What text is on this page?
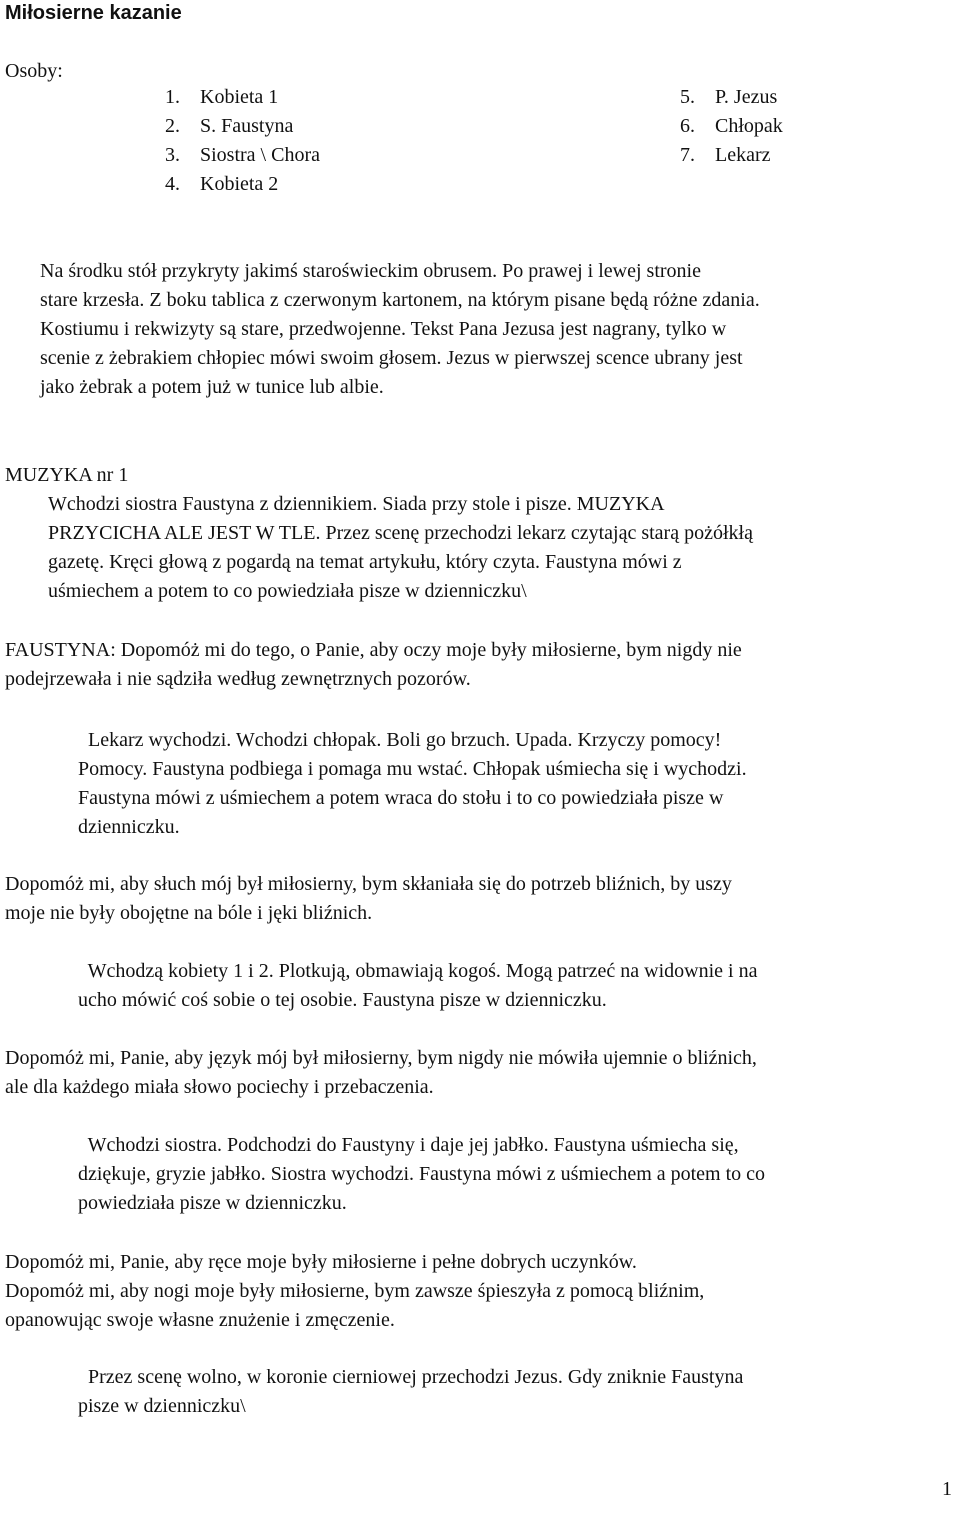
Miłosierne kazanie
Osoby:
1. Kobieta 1
2. S. Faustyna
3. Siostra \ Chora
4. Kobieta 2
5. P. Jezus
6. Chłopak
7. Lekarz
Na środku stół przykryty jakimś staroświeckim obrusem. Po prawej i lewej stronie
stare krzesła. Z boku tablica z czerwonym kartonem, na którym pisane będą różne zdania.
Kostiumu i rekwizyty są stare, przedwojenne. Tekst Pana Jezusa jest nagrany, tylko w
scenie z żebrakiem chłopiec mówi swoim głosem. Jezus w pierwszej scence ubrany jest
jako żebrak a potem już w tunice lub albie.
MUZYKA nr 1
Wchodzi siostra Faustyna z dziennikiem. Siada przy stole i pisze. MUZYKA
PRZYCICHA ALE JEST W TLE. Przez scenę przechodzi lekarz czytając starą pożółkłą
gazetę. Kręci głową z pogardą na temat artykułu, który czyta. Faustyna mówi z
uśmiechem a potem to co powiedziała pisze w dzienniczku\
FAUSTYNA: Dopomóż mi do tego, o Panie, aby oczy moje były miłosierne, bym nigdy nie
podejrzewała i nie sądziła według zewnętrznych pozorów.
Lekarz wychodzi. Wchodzi chłopak. Boli go brzuch. Upada. Krzyczy pomocy!
Pomocy. Faustyna podbiega i pomaga mu wstać. Chłopak uśmiecha się i wychodzi.
Faustyna mówi z uśmiechem a potem wraca do stołu i to co powiedziała pisze w
dzienniczku.
Dopomóż mi, aby słuch mój był miłosierny, bym skłaniała się do potrzeb bliźnich, by uszy
moje nie były obojętne na bóle i jęki bliźnich.
Wchodzą kobiety 1 i 2. Plotkują, obmawiają kogoś. Mogą patrzeć na widownie i na
ucho mówić coś sobie o tej osobie. Faustyna pisze w dzienniczku.
Dopomóż mi, Panie, aby język mój był miłosierny, bym nigdy nie mówiła ujemnie o bliźnich,
ale dla każdego miała słowo pociechy i przebaczenia.
Wchodzi siostra. Podchodzi do Faustyny i daje jej jabłko. Faustyna uśmiecha się,
dziękuje, gryzie jabłko. Siostra wychodzi. Faustyna mówi z uśmiechem a potem to co
powiedziała pisze w dzienniczku.
Dopomóż mi, Panie, aby ręce moje były miłosierne i pełne dobrych uczynków.
Dopomóż mi, aby nogi moje były miłosierne, bym zawsze śpieszyła z pomocą bliźnim,
opanowując swoje własne znużenie i zmęczenie.
Przez scenę wolno, w koronie cierniowej przechodzi Jezus. Gdy zniknie Faustyna
pisze w dzienniczku\
1
